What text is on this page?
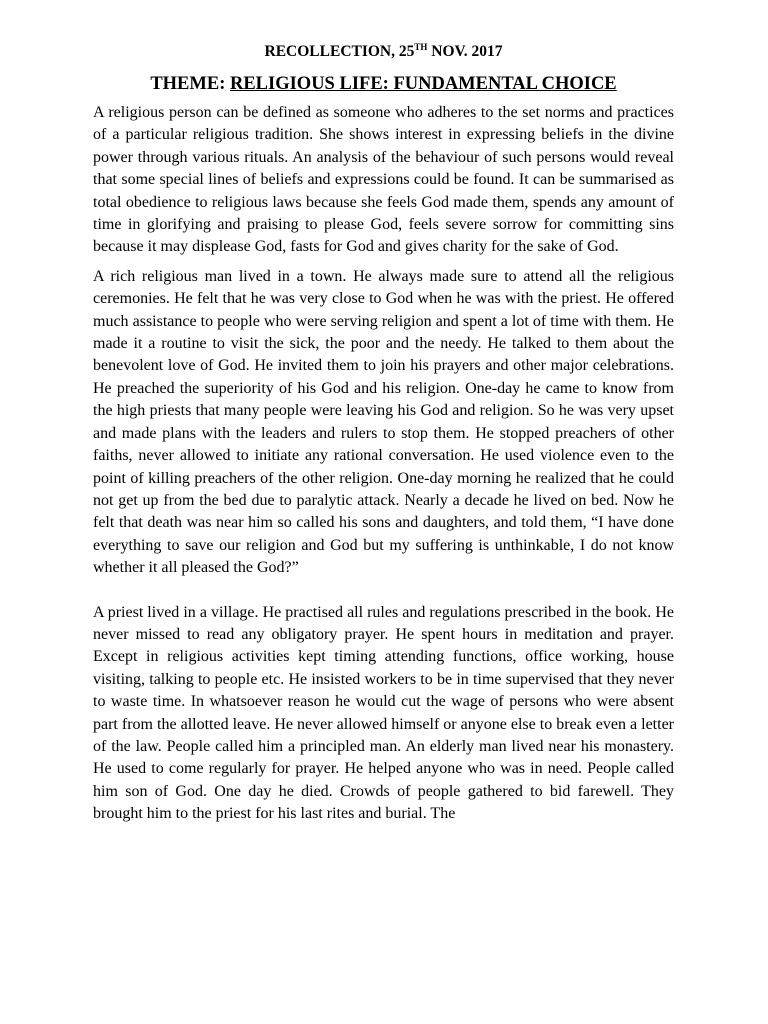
RECOLLECTION, 25TH NOV. 2017

THEME: RELIGIOUS LIFE: FUNDAMENTAL CHOICE

A religious person can be defined as someone who adheres to the set norms and practices of a particular religious tradition. She shows interest in expressing beliefs in the divine power through various rituals. An analysis of the behaviour of such persons would reveal that some special lines of beliefs and expressions could be found. It can be summarised as total obedience to religious laws because she feels God made them, spends any amount of time in glorifying and praising to please God, feels severe sorrow for committing sins because it may displease God, fasts for God and gives charity for the sake of God.

A rich religious man lived in a town. He always made sure to attend all the religious ceremonies. He felt that he was very close to God when he was with the priest. He offered much assistance to people who were serving religion and spent a lot of time with them. He made it a routine to visit the sick, the poor and the needy. He talked to them about the benevolent love of God. He invited them to join his prayers and other major celebrations. He preached the superiority of his God and his religion. One-day he came to know from the high priests that many people were leaving his God and religion. So he was very upset and made plans with the leaders and rulers to stop them. He stopped preachers of other faiths, never allowed to initiate any rational conversation. He used violence even to the point of killing preachers of the other religion. One-day morning he realized that he could not get up from the bed due to paralytic attack. Nearly a decade he lived on bed. Now he felt that death was near him so called his sons and daughters, and told them, “I have done everything to save our religion and God but my suffering is unthinkable, I do not know whether it all pleased the God?”

A priest lived in a village. He practised all rules and regulations prescribed in the book. He never missed to read any obligatory prayer. He spent hours in meditation and prayer. Except in religious activities kept timing attending functions, office working, house visiting, talking to people etc. He insisted workers to be in time supervised that they never to waste time. In whatsoever reason he would cut the wage of persons who were absent part from the allotted leave. He never allowed himself or anyone else to break even a letter of the law. People called him a principled man. An elderly man lived near his monastery. He used to come regularly for prayer. He helped anyone who was in need. People called him son of God. One day he died. Crowds of people gathered to bid farewell. They brought him to the priest for his last rites and burial. The
